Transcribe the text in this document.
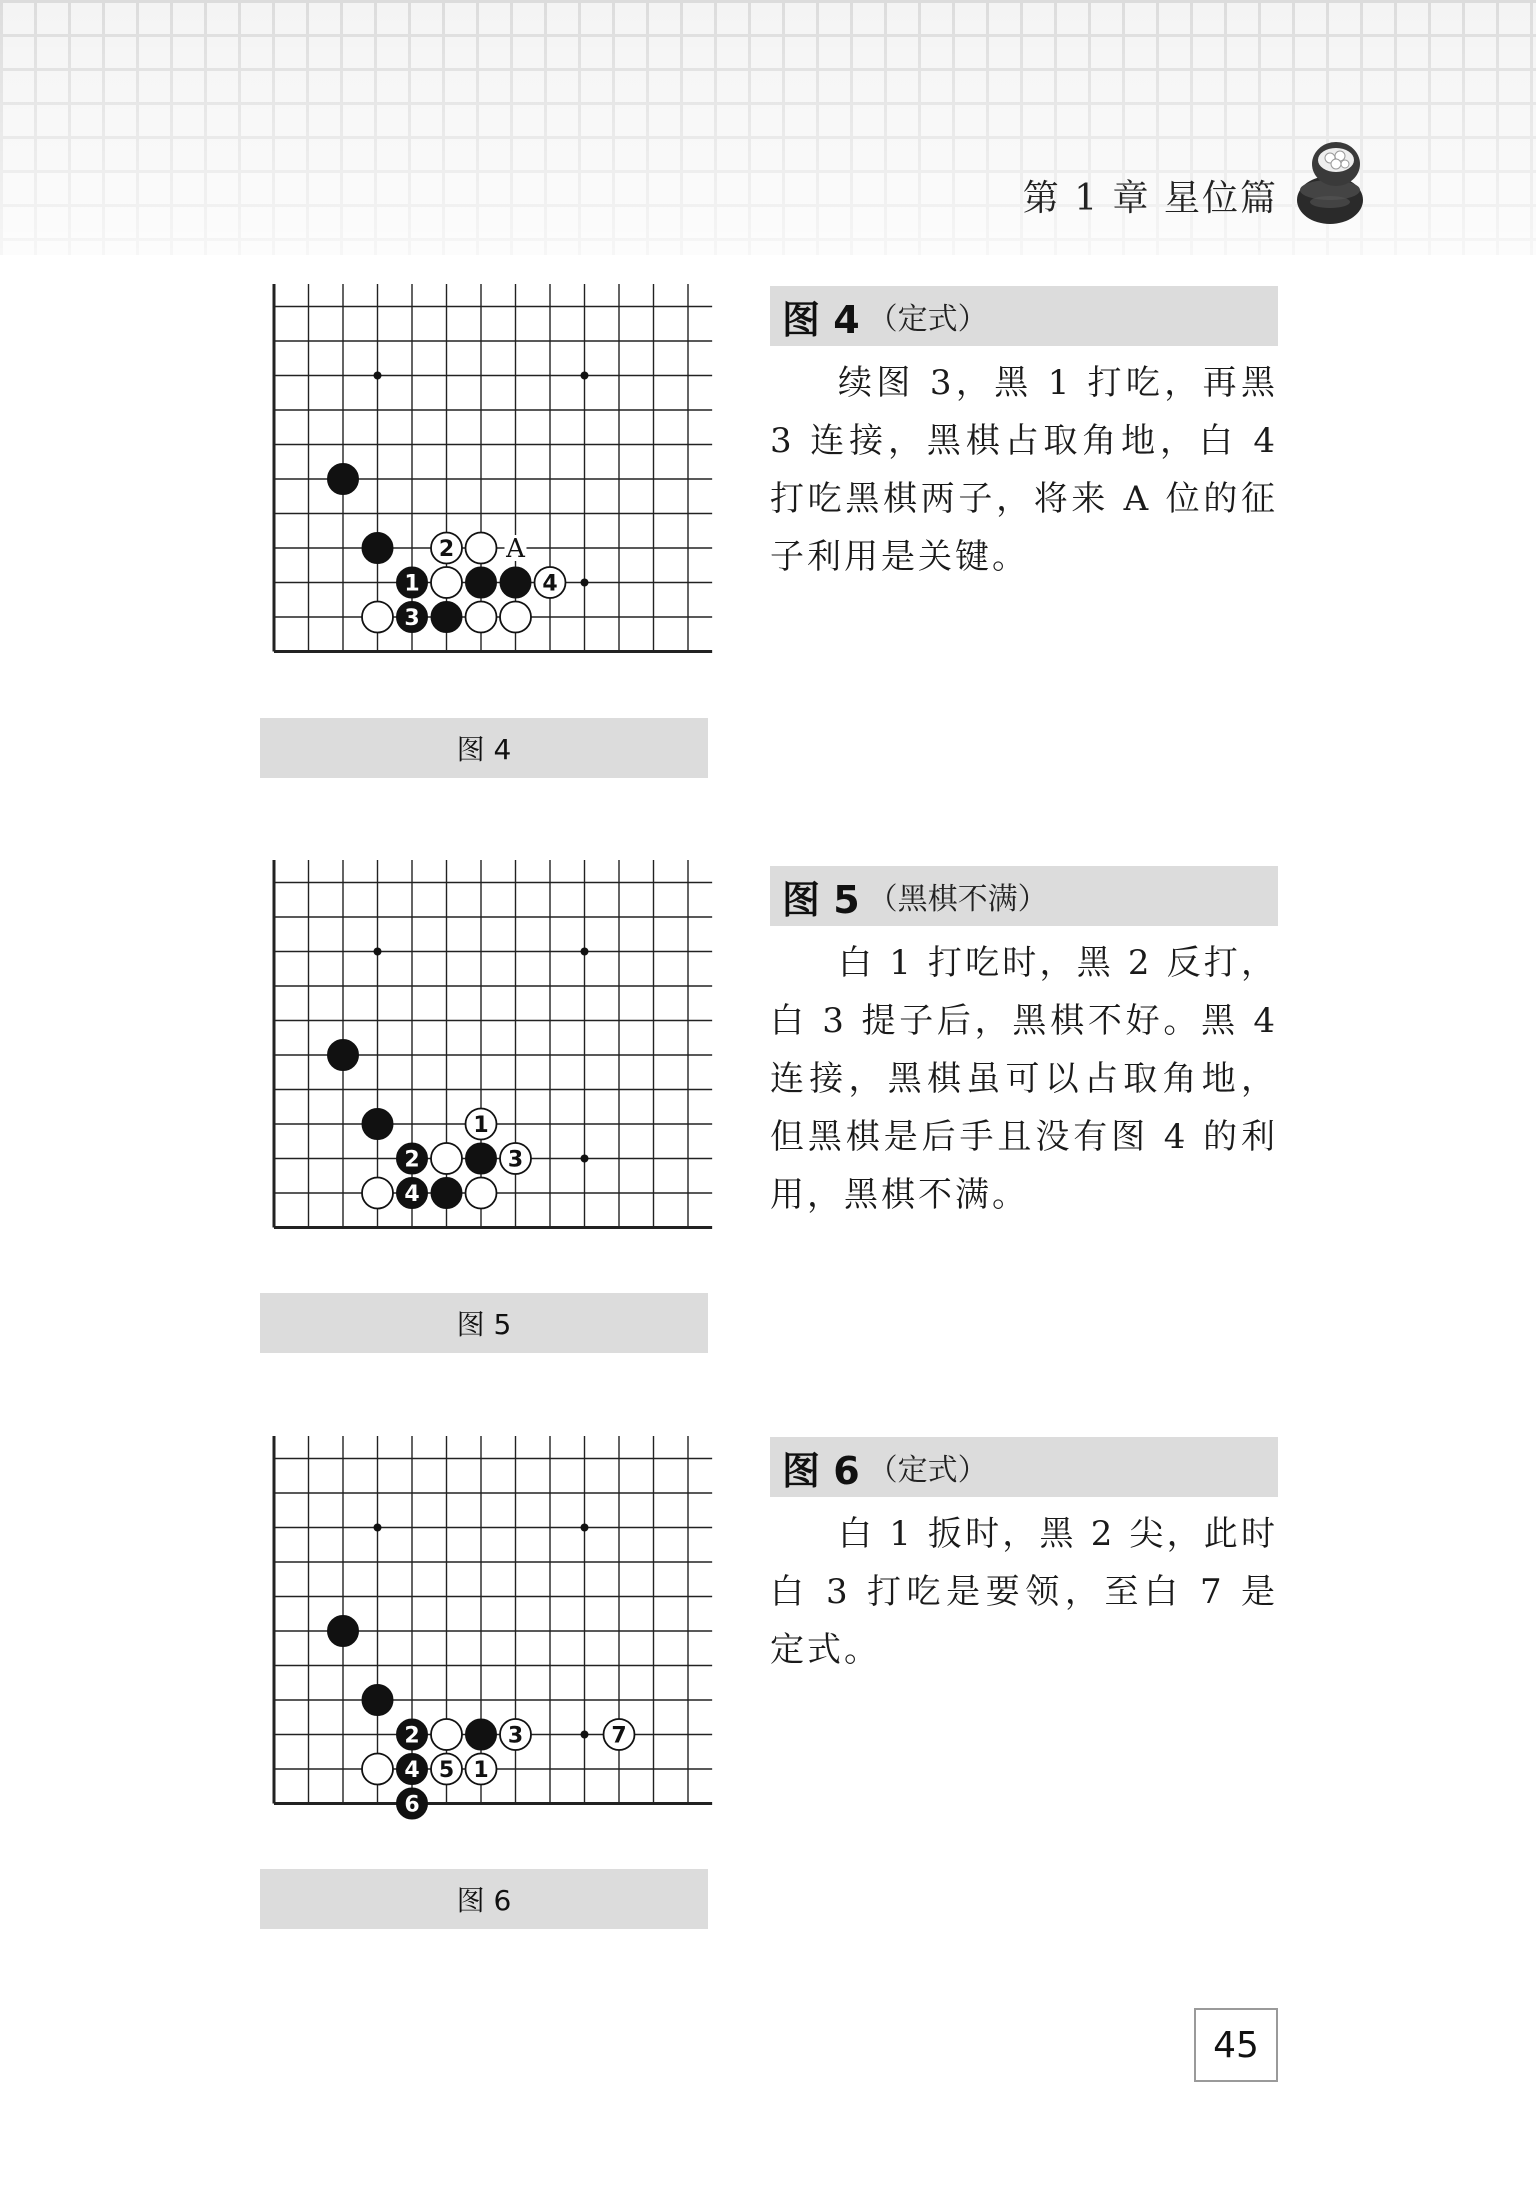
第 1 章 星位篇
2
1	4
3
A
图 4
图 4 （定式）

续图 3，黑 1 打吃，再黑 3 连接，黑棋占取角地，白 4 打吃黑棋两子，将来 A 位的征子利用是关键。

1
2	3
4
图 5
图 5 （黑棋不满）

白 1 打吃时，黑 2 反打，白 3 提子后，黑棋不好。黑 4 连接，黑棋虽可以占取角地，但黑棋是后手且没有图 4 的利用，黑棋不满。

2	3	7
4 5 1
6
图 6
图 6 （定式）

白 1 扳时，黑 2 尖，此时白 3 打吃是要领，至白 7 是定式。

45
